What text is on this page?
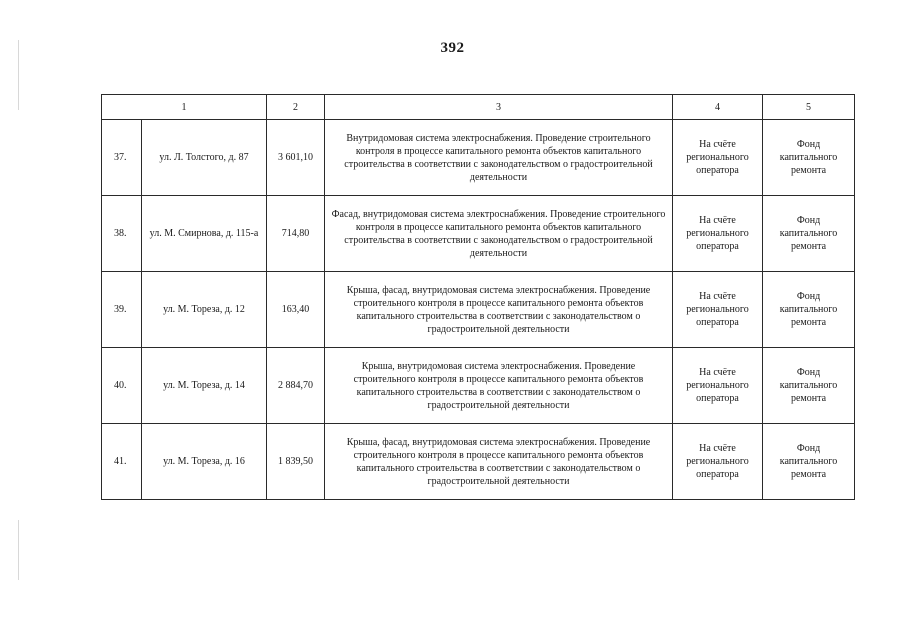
392
1		2	3	4	5
37.	ул. Л. Толстого, д. 87	3 601,10	Внутридомовая система электроснабжения. Проведение строительного контроля в процессе капитального ремонта объектов капитального строительства в соответствии с законодательством о градостроительной деятельности	На счёте регионального оператора	Фонд капитального ремонта
38.	ул. М. Смирнова, д. 115-а	714,80	Фасад, внутридомовая система электроснабжения. Проведение строительного контроля в процессе капитального ремонта объектов капитального строительства в соответствии с законодательством о градостроительной деятельности	На счёте регионального оператора	Фонд капитального ремонта
39.	ул. М. Тореза, д. 12	163,40	Крыша, фасад, внутридомовая система электроснабжения. Проведение строительного контроля в процессе капитального ремонта объектов капитального строительства в соответствии с законодательством о градостроительной деятельности	На счёте регионального оператора	Фонд капитального ремонта
40.	ул. М. Тореза, д. 14	2 884,70	Крыша, внутридомовая система электроснабжения. Проведение строительного контроля в процессе капитального ремонта объектов капитального строительства в соответствии с законодательством о градостроительной деятельности	На счёте регионального оператора	Фонд капитального ремонта
41.	ул. М. Тореза, д. 16	1 839,50	Крыша, фасад, внутридомовая система электроснабжения. Проведение строительного контроля в процессе капитального ремонта объектов капитального строительства в соответствии с законодательством о градостроительной деятельности	На счёте регионального оператора	Фонд капитального ремонта
